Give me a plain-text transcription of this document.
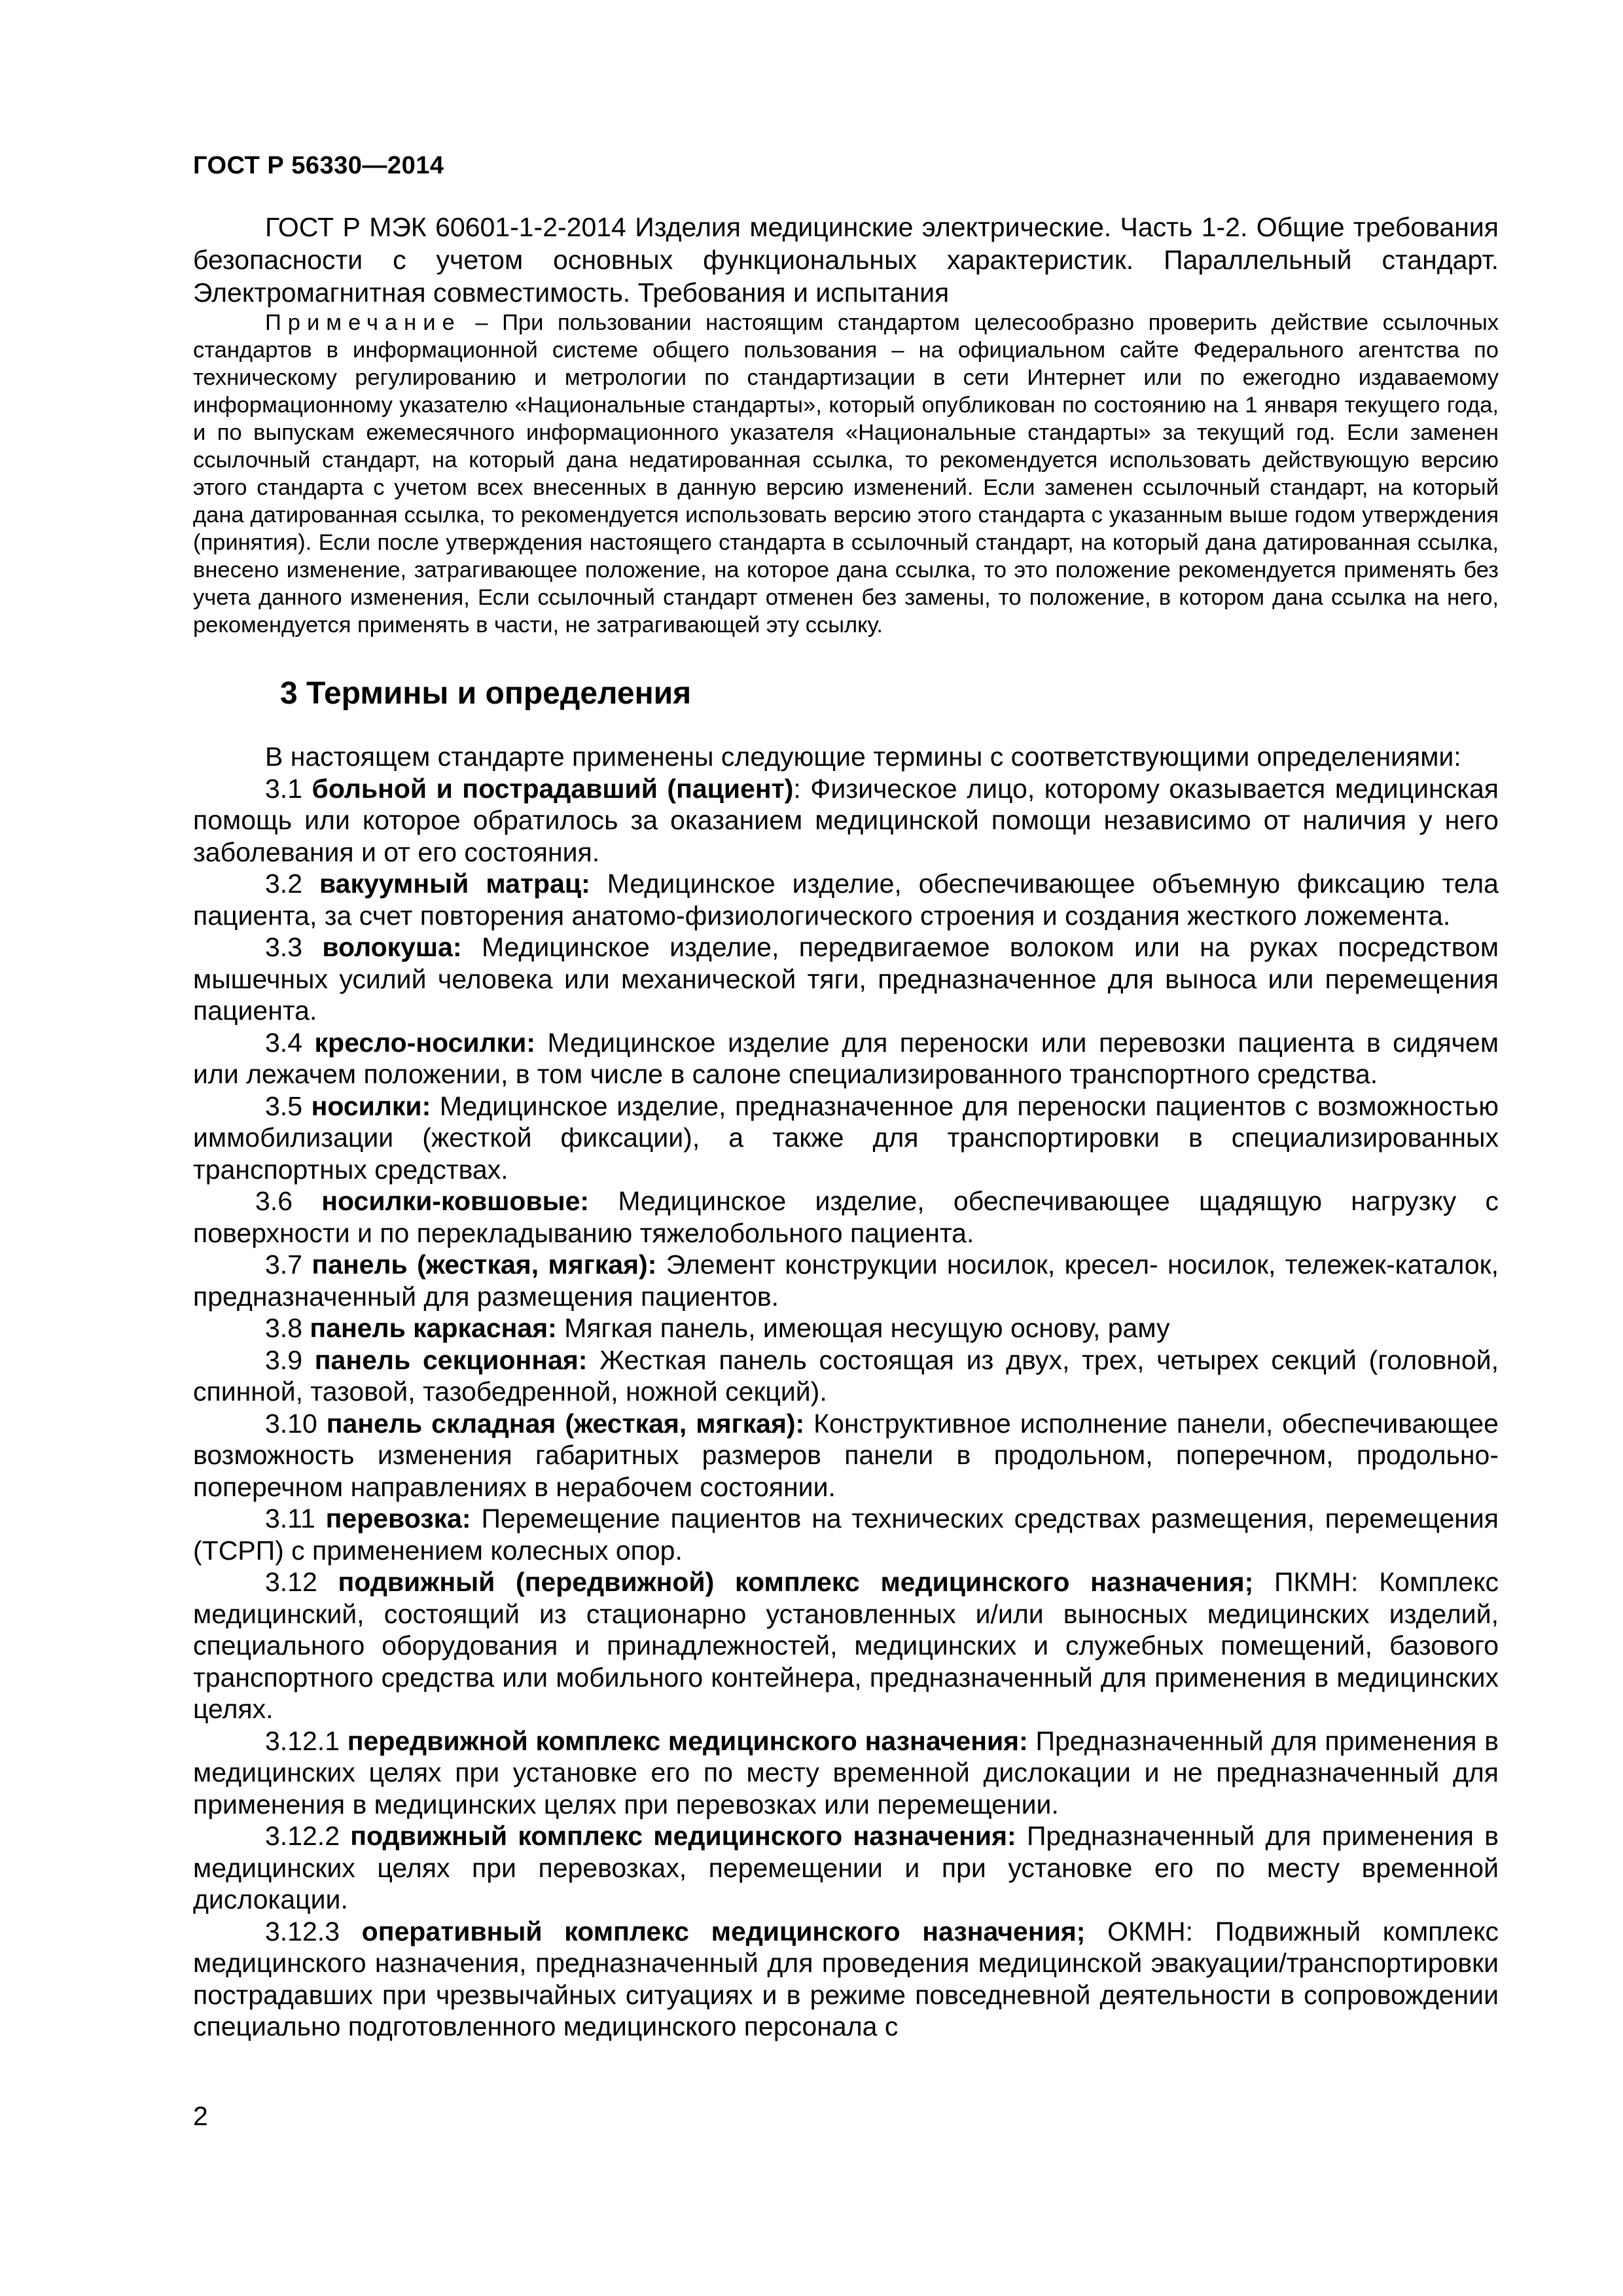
ГОСТ Р 56330—2014

ГОСТ Р МЭК 60601-1-2-2014 Изделия медицинские электрические. Часть 1-2. Общие требования безопасности с учетом основных функциональных характеристик. Параллельный стандарт. Электромагнитная совместимость. Требования и испытания

Примечание – При пользовании настоящим стандартом целесообразно проверить действие ссылочных стандартов в информационной системе общего пользования – на официальном сайте Федерального агентства по техническому регулированию и метрологии по стандартизации в сети Интернет или по ежегодно издаваемому информационному указателю «Национальные стандарты», который опубликован по состоянию на 1 января текущего года, и по выпускам ежемесячного информационного указателя «Национальные стандарты» за текущий год. Если заменен ссылочный стандарт, на который дана недатированная ссылка, то рекомендуется использовать действующую версию этого стандарта с учетом всех внесенных в данную версию изменений. Если заменен ссылочный стандарт, на который дана датированная ссылка, то рекомендуется использовать версию этого стандарта с указанным выше годом утверждения (принятия). Если после утверждения настоящего стандарта в ссылочный стандарт, на который дана датированная ссылка, внесено изменение, затрагивающее положение, на которое дана ссылка, то это положение рекомендуется применять без учета данного изменения, Если ссылочный стандарт отменен без замены, то положение, в котором дана ссылка на него, рекомендуется применять в части, не затрагивающей эту ссылку.

3 Термины и определения

В настоящем стандарте применены следующие термины с соответствующими определениями:

3.1 больной и пострадавший (пациент): Физическое лицо, которому оказывается медицинская помощь или которое обратилось за оказанием медицинской помощи независимо от наличия у него заболевания и от его состояния.

3.2 вакуумный матрац: Медицинское изделие, обеспечивающее объемную фиксацию тела пациента, за счет повторения анатомо-физиологического строения и создания жесткого ложемента.

3.3 волокуша: Медицинское изделие, передвигаемое волоком или на руках посредством мышечных усилий человека или механической тяги, предназначенное для выноса или перемещения пациента.

3.4 кресло-носилки: Медицинское изделие для переноски или перевозки пациента в сидячем или лежачем положении, в том числе в салоне специализированного транспортного средства.

3.5 носилки: Медицинское изделие, предназначенное для переноски пациентов с возможностью иммобилизации (жесткой фиксации), а также для транспортировки в специализированных транспортных средствах.

3.6 носилки-ковшовые: Медицинское изделие, обеспечивающее щадящую нагрузку с поверхности и по перекладыванию тяжелобольного пациента.

3.7 панель (жесткая, мягкая): Элемент конструкции носилок, кресел- носилок, тележек-каталок, предназначенный для размещения пациентов.

3.8 панель каркасная: Мягкая панель, имеющая несущую основу, раму

3.9 панель секционная: Жесткая панель состоящая из двух, трех, четырех секций (головной, спинной, тазовой, тазобедренной, ножной секций).

3.10 панель складная (жесткая, мягкая): Конструктивное исполнение панели, обеспечивающее возможность изменения габаритных размеров панели в продольном, поперечном, продольно-поперечном направлениях в нерабочем состоянии.

3.11 перевозка: Перемещение пациентов на технических средствах размещения, перемещения (ТСРП) с применением колесных опор.

3.12 подвижный (передвижной) комплекс медицинского назначения; ПКМН: Комплекс медицинский, состоящий из стационарно установленных и/или выносных медицинских изделий, специального оборудования и принадлежностей, медицинских и служебных помещений, базового транспортного средства или мобильного контейнера, предназначенный для применения в медицинских целях.

3.12.1 передвижной комплекс медицинского назначения: Предназначенный для применения в медицинских целях при установке его по месту временной дислокации и не предназначенный для применения в медицинских целях при перевозках или перемещении.

3.12.2 подвижный комплекс медицинского назначения: Предназначенный для применения в медицинских целях при перевозках, перемещении и при установке его по месту временной дислокации.

3.12.3 оперативный комплекс медицинского назначения; ОКМН: Подвижный комплекс медицинского назначения, предназначенный для проведения медицинской эвакуации/транспортировки пострадавших при чрезвычайных ситуациях и в режиме повседневной деятельности в сопровождении специально подготовленного медицинского персонала с

2
